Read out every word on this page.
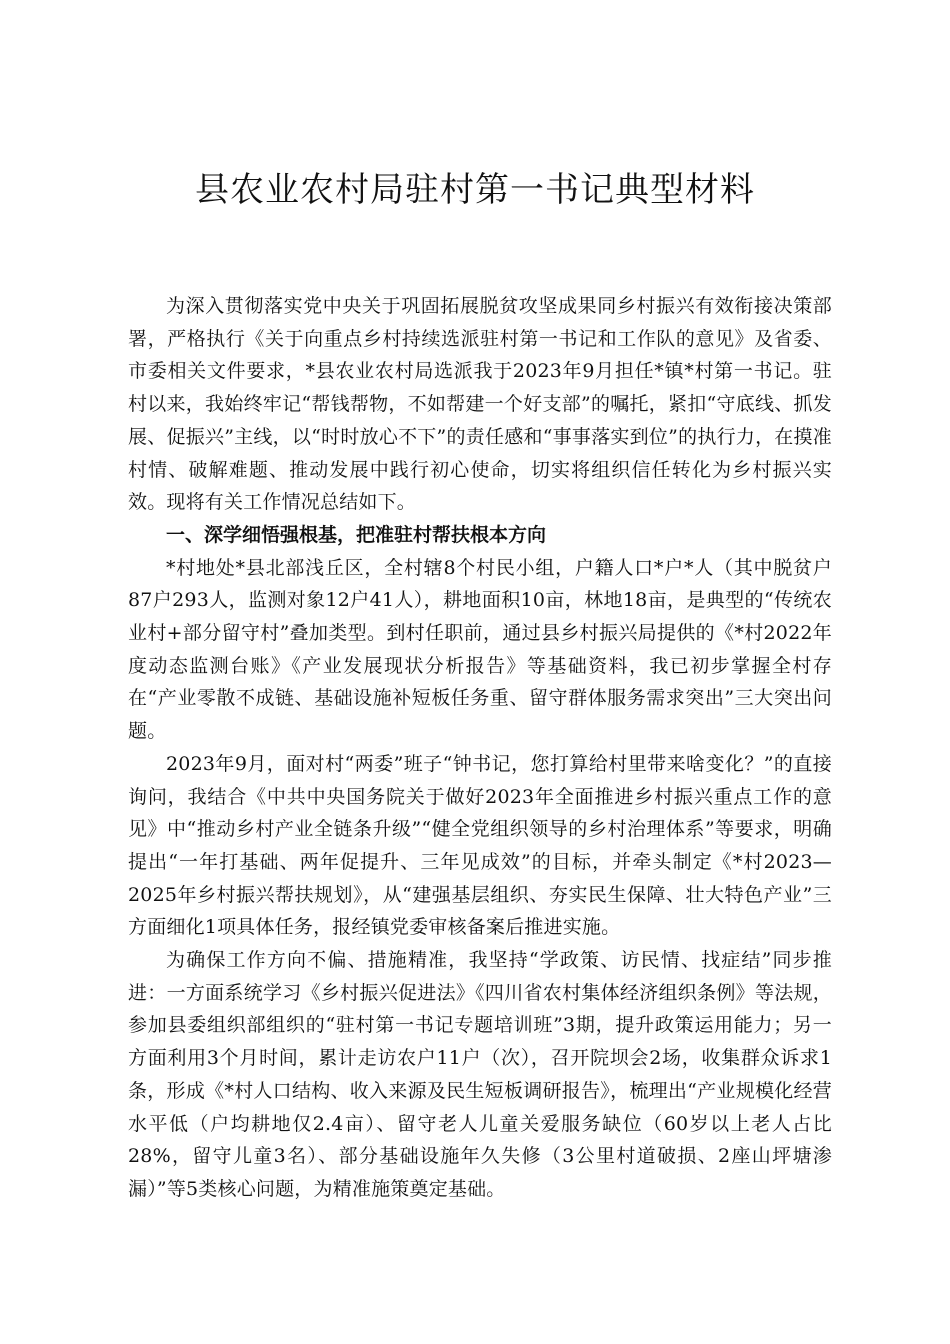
县农业农村局驻村第一书记典型材料

为深入贯彻落实党中央关于巩固拓展脱贫攻坚成果同乡村振兴有效衔接决策部署，严格执行《关于向重点乡村持续选派驻村第一书记和工作队的意见》及省委、市委相关文件要求，*县农业农村局选派我于2023年9月担任*镇*村第一书记。驻村以来，我始终牢记“帮钱帮物，不如帮建一个好支部”的嘱托，紧扣“守底线、抓发展、促振兴”主线，以“时时放心不下”的责任感和“事事落实到位”的执行力，在摸准村情、破解难题、推动发展中践行初心使命，切实将组织信任转化为乡村振兴实效。现将有关工作情况总结如下。

一、深学细悟强根基，把准驻村帮扶根本方向

*村地处*县北部浅丘区，全村辖8个村民小组，户籍人口*户*人（其中脱贫户87户293人，监测对象12户41人），耕地面积10亩，林地18亩，是典型的“传统农业村+部分留守村”叠加类型。到村任职前，通过县乡村振兴局提供的《*村2022年度动态监测台账》《产业发展现状分析报告》等基础资料，我已初步掌握全村存在“产业零散不成链、基础设施补短板任务重、留守群体服务需求突出”三大突出问题。

2023年9月，面对村“两委”班子“钟书记，您打算给村里带来啥变化？”的直接询问，我结合《中共中央国务院关于做好2023年全面推进乡村振兴重点工作的意见》中“推动乡村产业全链条升级”“健全党组织领导的乡村治理体系”等要求，明确提出“一年打基础、两年促提升、三年见成效”的目标，并牵头制定《*村2023—2025年乡村振兴帮扶规划》，从“建强基层组织、夯实民生保障、壮大特色产业”三方面细化1项具体任务，报经镇党委审核备案后推进实施。

为确保工作方向不偏、措施精准，我坚持“学政策、访民情、找症结”同步推进：一方面系统学习《乡村振兴促进法》《四川省农村集体经济组织条例》等法规，参加县委组织部组织的“驻村第一书记专题培训班”3期，提升政策运用能力；另一方面利用3个月时间，累计走访农户11户（次），召开院坝会2场，收集群众诉求1条，形成《*村人口结构、收入来源及民生短板调研报告》，梳理出“产业规模化经营水平低（户均耕地仅2.4亩）、留守老人儿童关爱服务缺位（60岁以上老人占比28%，留守儿童3名）、部分基础设施年久失修（3公里村道破损、2座山坪塘渗漏）”等5类核心问题，为精准施策奠定基础。
